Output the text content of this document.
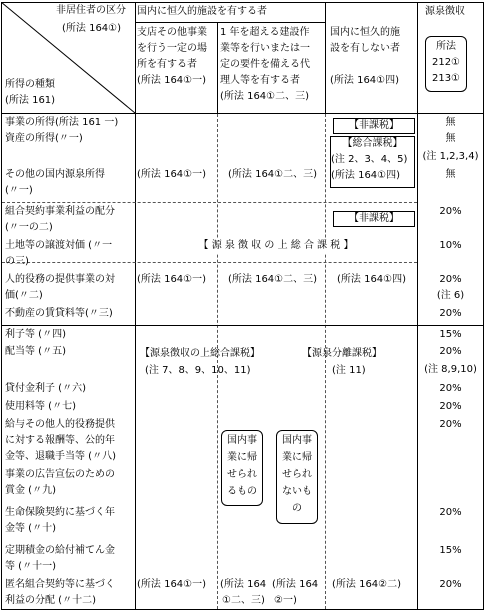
非居住者の区分
(所法 164①)
所得の種類
(所法 161)
国内に恒久的施設を有する者
支店その他事業
を行う一定の場
所を有する者
(所法 164①一)
1 年を超える建設作
業等を行いまたは一
定の要件を備える代
理人等を有する者
(所法 164①二、三)
国内に恒久的施
設を有しない者
(所法 164①四)
源泉徴収
所法
212①
213①
事業の所得(所法 161 一)
資産の所得(〃一)
その他の国内源泉所得
(〃一)
組合契約事業利益の配分
(〃一の二)
土地等の譲渡対価 (〃一
の三)
人的役務の提供事業の対
価(〃二)
不動産の賃貸料等(〃三)
(所法 164①一) (所法 164①二、三)
【非課税】
【総合課税】
(注 2、3、4、5)
(所法 164①四)
【非課税】
【 源 泉 徴 収 の 上 総 合 課 税 】
(所法 164①一) (所法 164①二、三) (所法 164①四)
無
無
(注 1,2,3,4)
無
20%
10%
20%
(注 6)
20%
利子等 (〃四)
配当等 (〃五)
貸付金利子 (〃六)
使用料等 (〃七)
給与その他人的役務提供
に対する報酬等、公的年
金等、退職手当等 (〃八)
事業の広告宣伝のための
賞金 (〃九)
生命保険契約に基づく年
金等 (〃十)
定期積金の給付補てん金
等 (〃十一)
匿名組合契約等に基づく
利益の分配 (〃十二)
【源泉徴収の上総合課税】
(注 7、8、9、10、11)
【源泉分離課税】
(注 11)
国内事
業に帰
せられ
るもの
国内事
業に帰
せられ
ないも
の
(所法 164①一) (所法 164
①二、三)
(所法 164
②一)
(所法 164②二)
15%
20%
(注 8,9,10)
20%
20%
20%
20%
15%
20%
